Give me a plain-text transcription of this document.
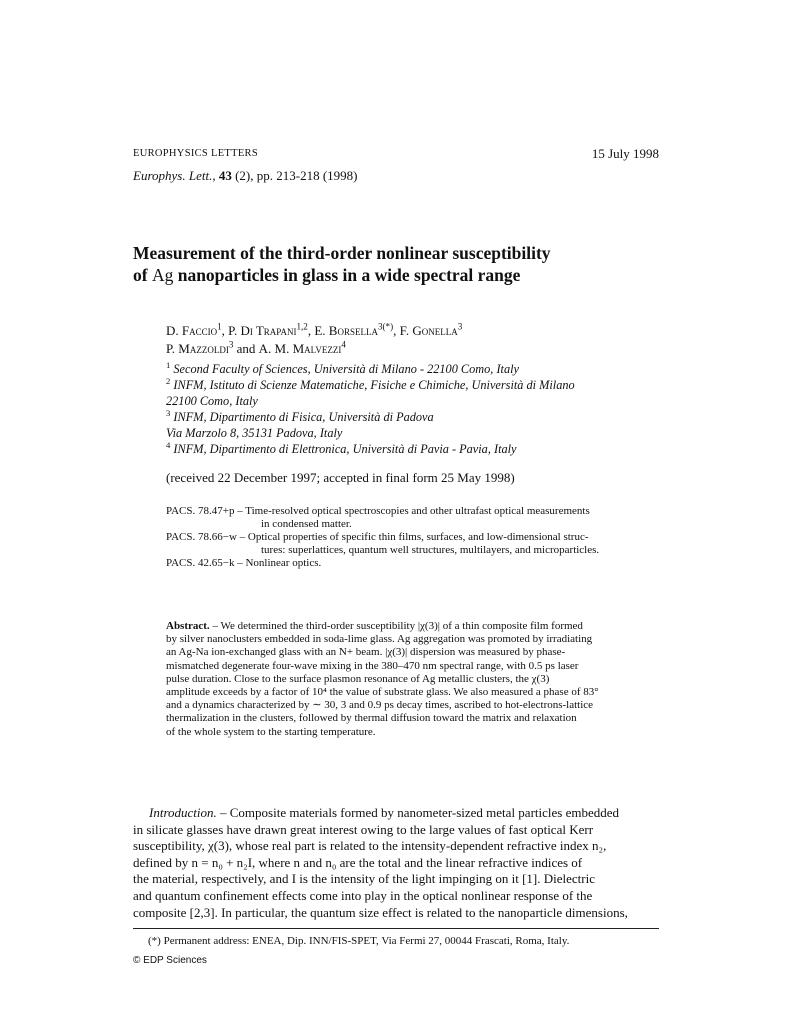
EUROPHYSICS LETTERS	15 July 1998
Europhys. Lett., 43 (2), pp. 213-218 (1998)
Measurement of the third-order nonlinear susceptibility
of Ag nanoparticles in glass in a wide spectral range
D. Faccio$^1$, P. Di Trapani$^{1,2}$, E. Borsella$^{3(*)}$, F. Gonella$^3$
P. Mazzoldi$^3$ and A. M. Malvezzi$^4$
$^1$ Second Faculty of Sciences, Università di Milano - 22100 Como, Italy
$^2$ INFM, Istituto di Scienze Matematiche, Fisiche e Chimiche, Università di Milano
22100 Como, Italy
$^3$ INFM, Dipartimento di Fisica, Università di Padova
Via Marzolo 8, 35131 Padova, Italy
$^4$ INFM, Dipartimento di Elettronica, Università di Pavia - Pavia, Italy
(received 22 December 1997; accepted in final form 25 May 1998)
PACS. 78.47+p – Time-resolved optical spectroscopies and other ultrafast optical measurements
in condensed matter.
PACS. 78.66−w – Optical properties of specific thin films, surfaces, and low-dimensional struc-
tures: superlattices, quantum well structures, multilayers, and microparticles.
PACS. 42.65−k – Nonlinear optics.
Abstract. – We determined the third-order susceptibility |χ(3)| of a thin composite film formed
by silver nanoclusters embedded in soda-lime glass. Ag aggregation was promoted by irradiating
an Ag-Na ion-exchanged glass with an N+ beam. |χ(3)| dispersion was measured by phase-
mismatched degenerate four-wave mixing in the 380–470 nm spectral range, with 0.5 ps laser
pulse duration. Close to the surface plasmon resonance of Ag metallic clusters, the χ(3)
amplitude exceeds by a factor of 10⁴ the value of substrate glass. We also measured a phase of 83°
and a dynamics characterized by ∼ 30, 3 and 0.9 ps decay times, ascribed to hot-electrons-lattice
thermalization in the clusters, followed by thermal diffusion toward the matrix and relaxation
of the whole system to the starting temperature.
Introduction. – Composite materials formed by nanometer-sized metal particles embedded
in silicate glasses have drawn great interest owing to the large values of fast optical Kerr
susceptibility, χ(3), whose real part is related to the intensity-dependent refractive index n₂,
defined by n = n₀ + n₂I, where n and n₀ are the total and the linear refractive indices of
the material, respectively, and I is the intensity of the light impinging on it [1]. Dielectric
and quantum confinement effects come into play in the optical nonlinear response of the
composite [2,3]. In particular, the quantum size effect is related to the nanoparticle dimensions,
(*) Permanent address: ENEA, Dip. INN/FIS-SPET, Via Fermi 27, 00044 Frascati, Roma, Italy.
© EDP Sciences
